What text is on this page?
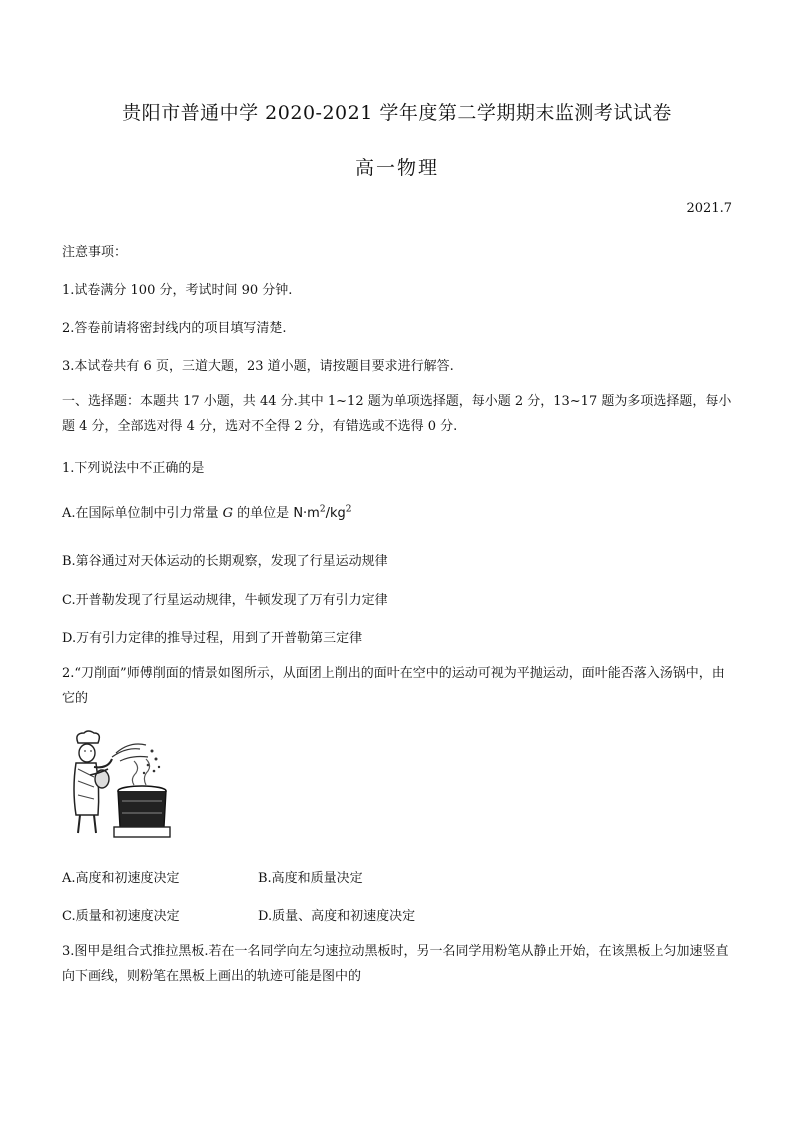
贵阳市普通中学 2020-2021 学年度第二学期期末监测考试试卷
高一物理
2021.7
注意事项：
1.试卷满分 100 分，考试时间 90 分钟.
2.答卷前请将密封线内的项目填写清楚.
3.本试卷共有 6 页，三道大题，23 道小题，请按题目要求进行解答.
一、选择题：本题共 17 小题，共 44 分.其中 1~12 题为单项选择题，每小题 2 分，13~17 题为多项选择题，每小题 4 分，全部选对得 4 分，选对不全得 2 分，有错选或不选得 0 分.
1.下列说法中不正确的是
A.在国际单位制中引力常量 G 的单位是 $N\cdot m^2/kg^2$
B.第谷通过对天体运动的长期观察，发现了行星运动规律
C.开普勒发现了行星运动规律，牛顿发现了万有引力定律
D.万有引力定律的推导过程，用到了开普勒第三定律
2.“刀削面”师傅削面的情景如图所示，从面团上削出的面叶在空中的运动可视为平抛运动，面叶能否落入汤锅中，由它的
A.高度和初速度决定	B.高度和质量决定
C.质量和初速度决定	D.质量、高度和初速度决定
3.图甲是组合式推拉黑板.若在一名同学向左匀速拉动黑板时，另一名同学用粉笔从静止开始，在该黑板上匀加速竖直向下画线，则粉笔在黑板上画出的轨迹可能是图中的
